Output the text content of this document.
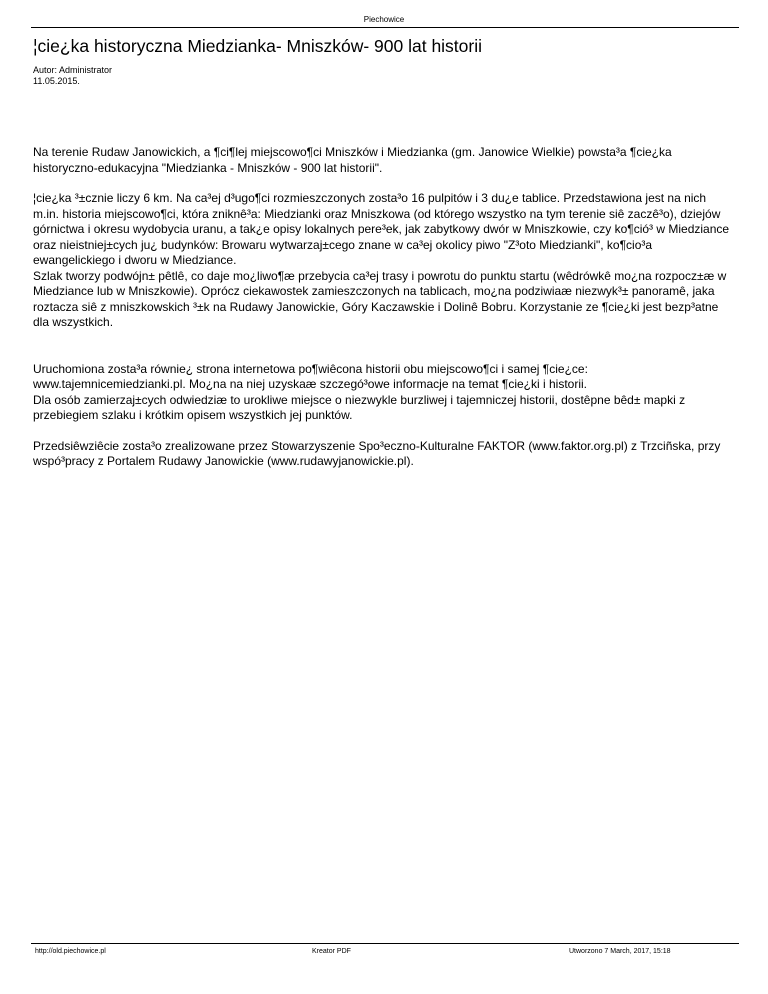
Piechowice
¦cie¿ka historyczna Miedzianka- Mniszków- 900 lat historii
Autor: Administrator
11.05.2015.

Na terenie Rudaw Janowickich, a ¶ci¶lej miejscowo¶ci Mniszków i Miedzianka (gm. Janowice Wielkie) powsta³a ¶cie¿ka historyczno-edukacyjna "Miedzianka - Mniszków - 900 lat historii".

¦cie¿ka ³±cznie liczy 6 km. Na ca³ej d³ugo¶ci rozmieszczonych zosta³o 16 pulpitów i 3 du¿e tablice. Przedstawiona jest na nich m.in. historia miejscowo¶ci, która zniknê³a: Miedzianki oraz Mniszkowa (od którego wszystko na tym terenie siê zaczê³o), dziejów górnictwa i okresu wydobycia uranu, a tak¿e opisy lokalnych pere³ek, jak zabytkowy dwór w Mniszkowie, czy ko¶ció³ w Miedziance oraz nieistniej±cych ju¿ budynków: Browaru wytwarzaj±cego znane w ca³ej okolicy piwo "Z³oto Miedzianki", ko¶cio³a ewangelickiego i dworu w Miedziance.

Szlak tworzy podwójn± pêtlê, co daje mo¿liwo¶æ przebycia ca³ej trasy i powrotu do punktu startu (wêdrówkê mo¿na rozpocz±æ w Miedziance lub w Mniszkowie). Oprócz ciekawostek zamieszczonych na tablicach, mo¿na podziwiaæ niezwyk³± panoramê, jaka roztacza siê z mniszkowskich ³±k na Rudawy Janowickie, Góry Kaczawskie i Dolinê Bobru. Korzystanie ze ¶cie¿ki jest bezp³atne dla wszystkich.

Uruchomiona zosta³a równie¿ strona internetowa po¶wiêcona historii obu miejscowo¶ci i samej ¶cie¿ce: www.tajemnicemiedzianki.pl. Mo¿na na niej uzyskaæ szczegó³owe informacje na temat ¶cie¿ki i historii.

Dla osób zamierzaj±cych odwiedziæ to urokliwe miejsce o niezwykle burzliwej i tajemniczej historii, dostêpne bêd± mapki z przebiegiem szlaku i krótkim opisem wszystkich jej punktów.

Przedsiêwziêcie zosta³o zrealizowane przez Stowarzyszenie Spo³eczno-Kulturalne FAKTOR (www.faktor.org.pl) z Trzciñska, przy wspó³pracy z Portalem Rudawy Janowickie (www.rudawyjanowickie.pl).

http://old.piechowice.pl	Kreator PDF	Utworzono 7 March, 2017, 15:18
